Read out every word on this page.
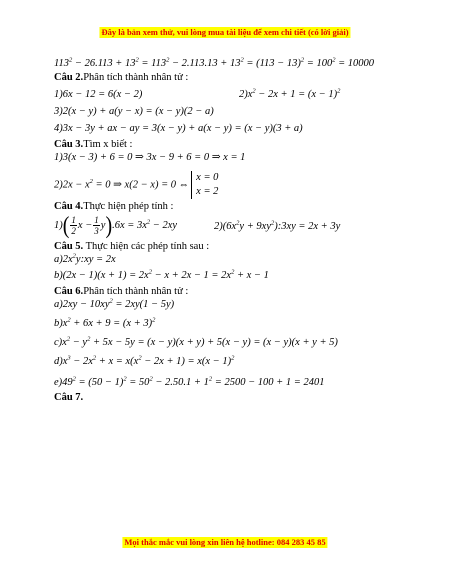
Đây là bản xem thử, vui lòng mua tài liệu để xem chi tiết (có lời giải)
$113^2 - 26.113 + 13^2 = 113^2 - 2.113.13 + 13^2 = (113 - 13)^2 = 100^2 = 10000$
Câu 2.Phân tích thành nhân tử :
1)6x − 12 = 6(x − 2)	$2)x^2 - 2x + 1 = (x - 1)^2$
3)2(x − y) + a(y − x) = (x − y)(2 − a)
4)3x − 3y + ax − ay = 3(x − y) + a(x − y) = (x − y)(3 + a)
Câu 3.Tìm x biết :
1)3(x − 3) + 6 = 0 ⇒ 3x − 9 + 6 = 0 ⇒ x = 1
$2)2x - x^2 = 0$ ⇒ x(2 − x) = 0 ⇔
x = 0
x = 2
Câu 4.Thực hiện phép tính :
$1)( \frac{1}{2}$ $x - \frac{1}{3} y).6x = 3x^2 - 2xy$	$2)(6x^2y$ + $9xy^2):3xy = 2x + 3y$
Câu 5. Thực hiện các phép tính sau :
$a)2x^2y:xy = 2x$
$b)(2x - 1)(x + 1) = 2x^2 - x + 2x - 1 = 2x^2 + x - 1$
Câu 6.Phân tích thành nhân tử :
$a)2xy - 10xy^2 = 2xy(1 - 5y)$
$b)x^2 + 6x + 9 = (x + 3)^2$
$c)x^2 - y^2 + 5x - 5y = (x - y)(x + y) + 5(x - y) = (x - y)(x + y + 5)$
$d)x^3 - 2x^2 + x = x(x^2 - 2x + 1) = x(x - 1)^2$
$e)49^2 = (50 - 1)^2 = 50^2 - 2.50.1 + 1^2 = 2500 - 100 + 1 = 2401$
Câu 7.
Mọi thắc mắc vui lòng xin liên hệ hotline: 084 283 45 85
